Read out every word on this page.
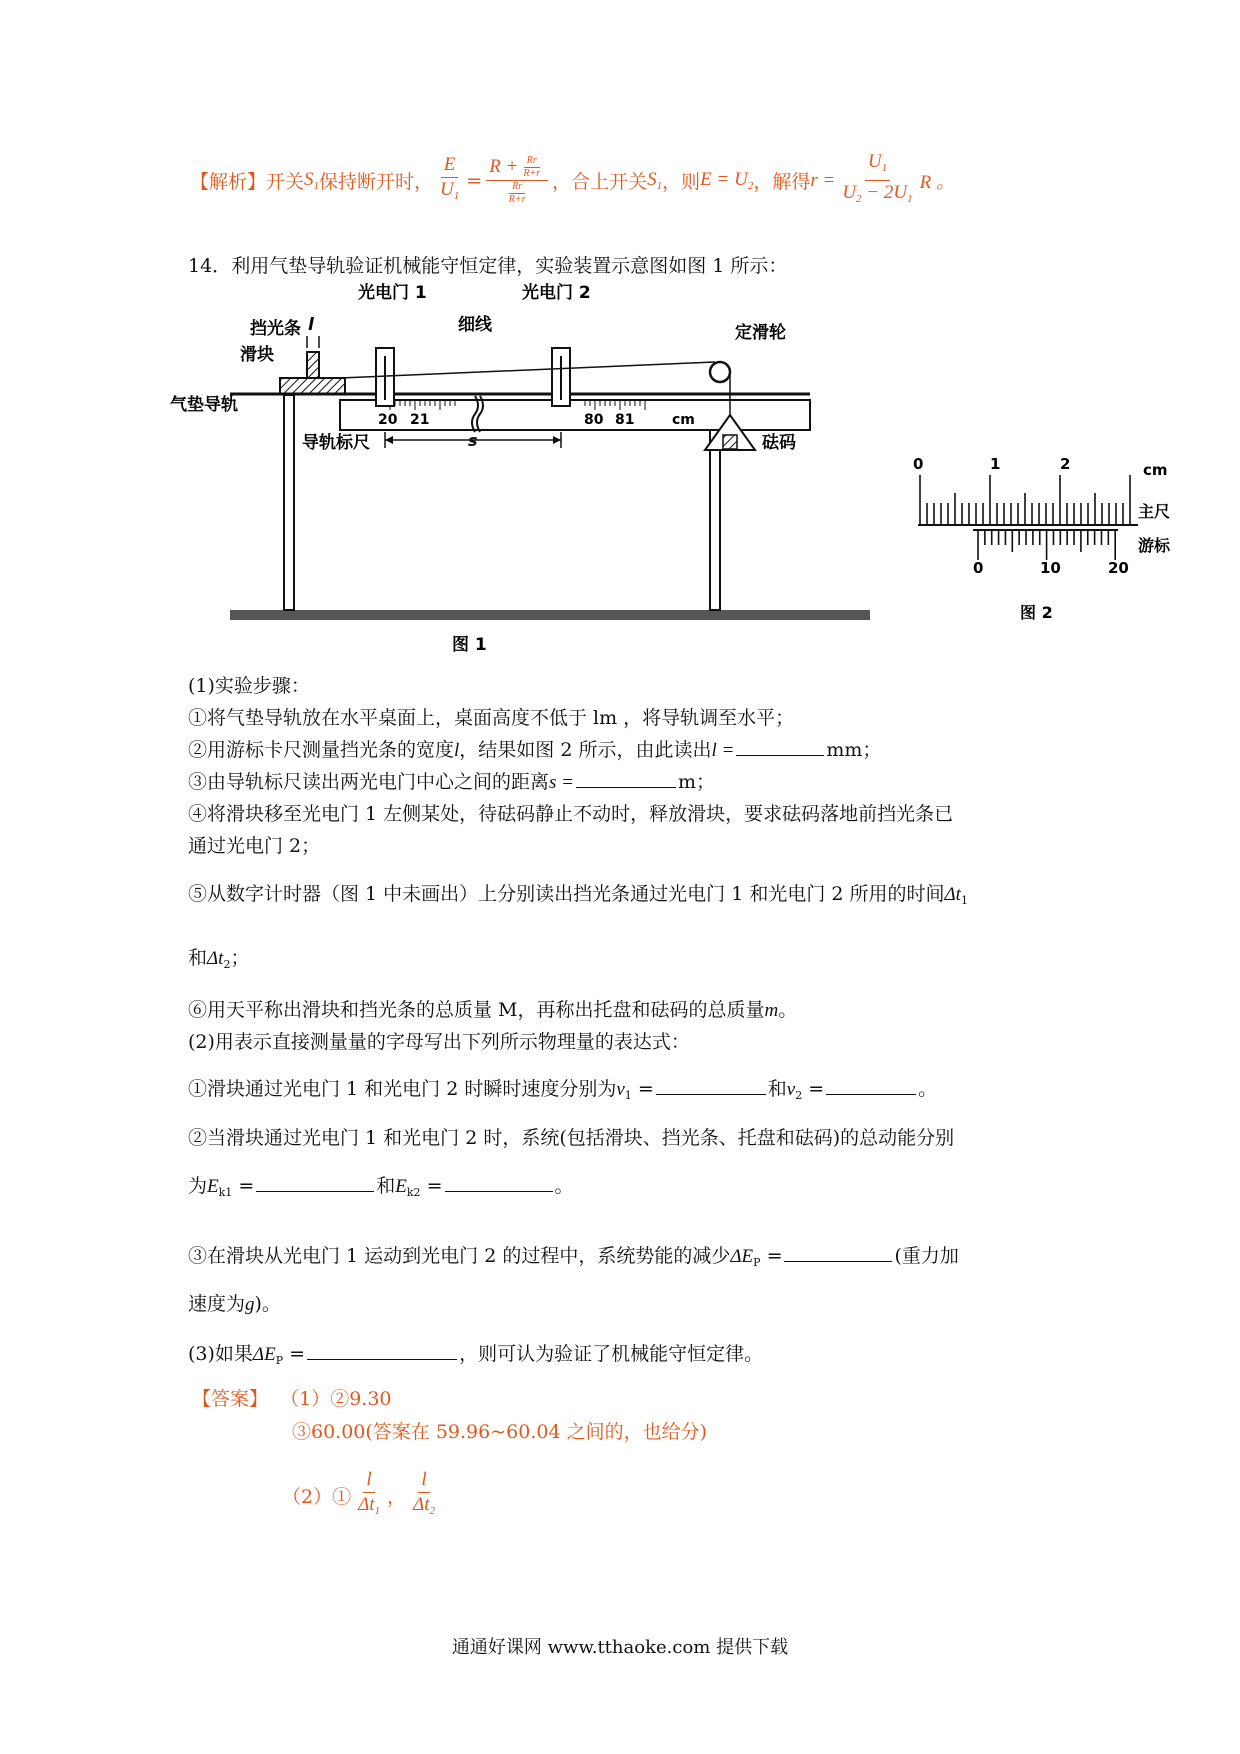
【解析】 开关 $S_1$ 保持断开时， $\frac{E}{U_1} = \frac{R + \frac{Rr}{R+r}}{\frac{Rr}{R+r}}$ ，合上开关 $S_1$ ，则 $E = U_2$ ，解得 $r = \frac{U_1}{U_2 - 2U_1}$ R 。
14．利用气垫导轨验证机械能守恒定律，实验装置示意图如图 1 所示：
20 21	80 81	cm
l
s
挡光条
滑块
光电门 1	光电门 2
细线	定滑轮
气垫导轨
导轨标尺	砝码
图 1
0	1	2	cm
主尺
游标
0	10	20
图 2
(1)实验步骤：
①将气垫导轨放在水平桌面上，桌面高度不低于 lm ，将导轨调至水平；
②用游标卡尺测量挡光条的宽度l，结果如图 2 所示，由此读出l =	mm；
③由导轨标尺读出两光电门中心之间的距离s =	m；
④将滑块移至光电门 1 左侧某处，待砝码静止不动时，释放滑块，要求砝码落地前挡光条已
通过光电门 2；
⑤从数字计时器（图 1 中未画出）上分别读出挡光条通过光电门 1 和光电门 2 所用的时间$\Delta t_1$
和$\Delta t_2$；
⑥用天平称出滑块和挡光条的总质量 M，再称出托盘和砝码的总质量m。
(2)用表示直接测量量的字母写出下列所示物理量的表达式：
①滑块通过光电门 1 和光电门 2 时瞬时速度分别为$v_1$ =	和$v_2$ =	。
②当滑块通过光电门 1 和光电门 2 时，系统(包括滑块、挡光条、托盘和砝码)的总动能分别
为$E_{k1}$ =	和$E_{k2}$ =	。
③在滑块从光电门 1 运动到光电门 2 的过程中，系统势能的减少$\Delta E_P$ =	(重力加
速度为g)。
(3)如果$\Delta E_P$ =	，则可认为验证了机械能守恒定律。
【答案】 （1）②9.30
③60.00(答案在 59.96~60.04 之间的，也给分)
（2）① $\frac{l}{\Delta t_1}$ ， $\frac{l}{\Delta t_2}$
通通好课网 www.tthaoke.com 提供下载
